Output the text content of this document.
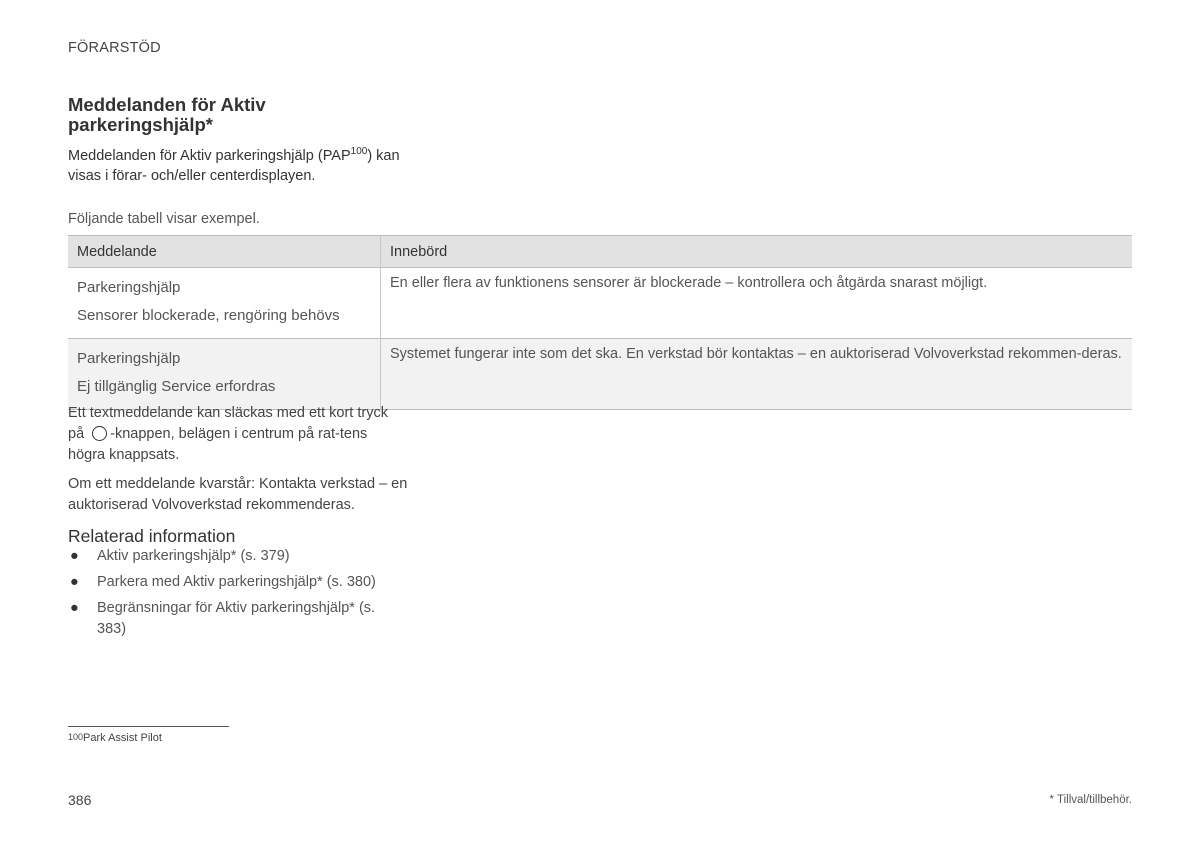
FÖRARSTÖD
Meddelanden för Aktiv parkeringshjälp*
Meddelanden för Aktiv parkeringshjälp (PAP$^{100}$) kan visas i förar- och/eller centerdisplayen.
Följande tabell visar exempel.
Meddelande	Innebörd

Parkeringshjälp
Sensorer blockerade, rengöring behövs	En eller flera av funktionens sensorer är blockerade – kontrollera och åtgärda snarast möjligt.

Parkeringshjälp
Ej tillgänglig Service erfordras	Systemet fungerar inte som det ska. En verkstad bör kontaktas – en auktoriserad Volvoverkstad rekommen-deras.
Ett textmeddelande kan släckas med ett kort tryck på -knappen, belägen i centrum på rat-tens högra knappsats.
Om ett meddelande kvarstår: Kontakta verkstad – en auktoriserad Volvoverkstad rekommenderas.
Relaterad information
● Aktiv parkeringshjälp* (s. 379)
● Parkera med Aktiv parkeringshjälp* (s. 380)
● Begränsningar för Aktiv parkeringshjälp* (s. 383)
100Park Assist Pilot
386	* Tillval/tillbehör.
